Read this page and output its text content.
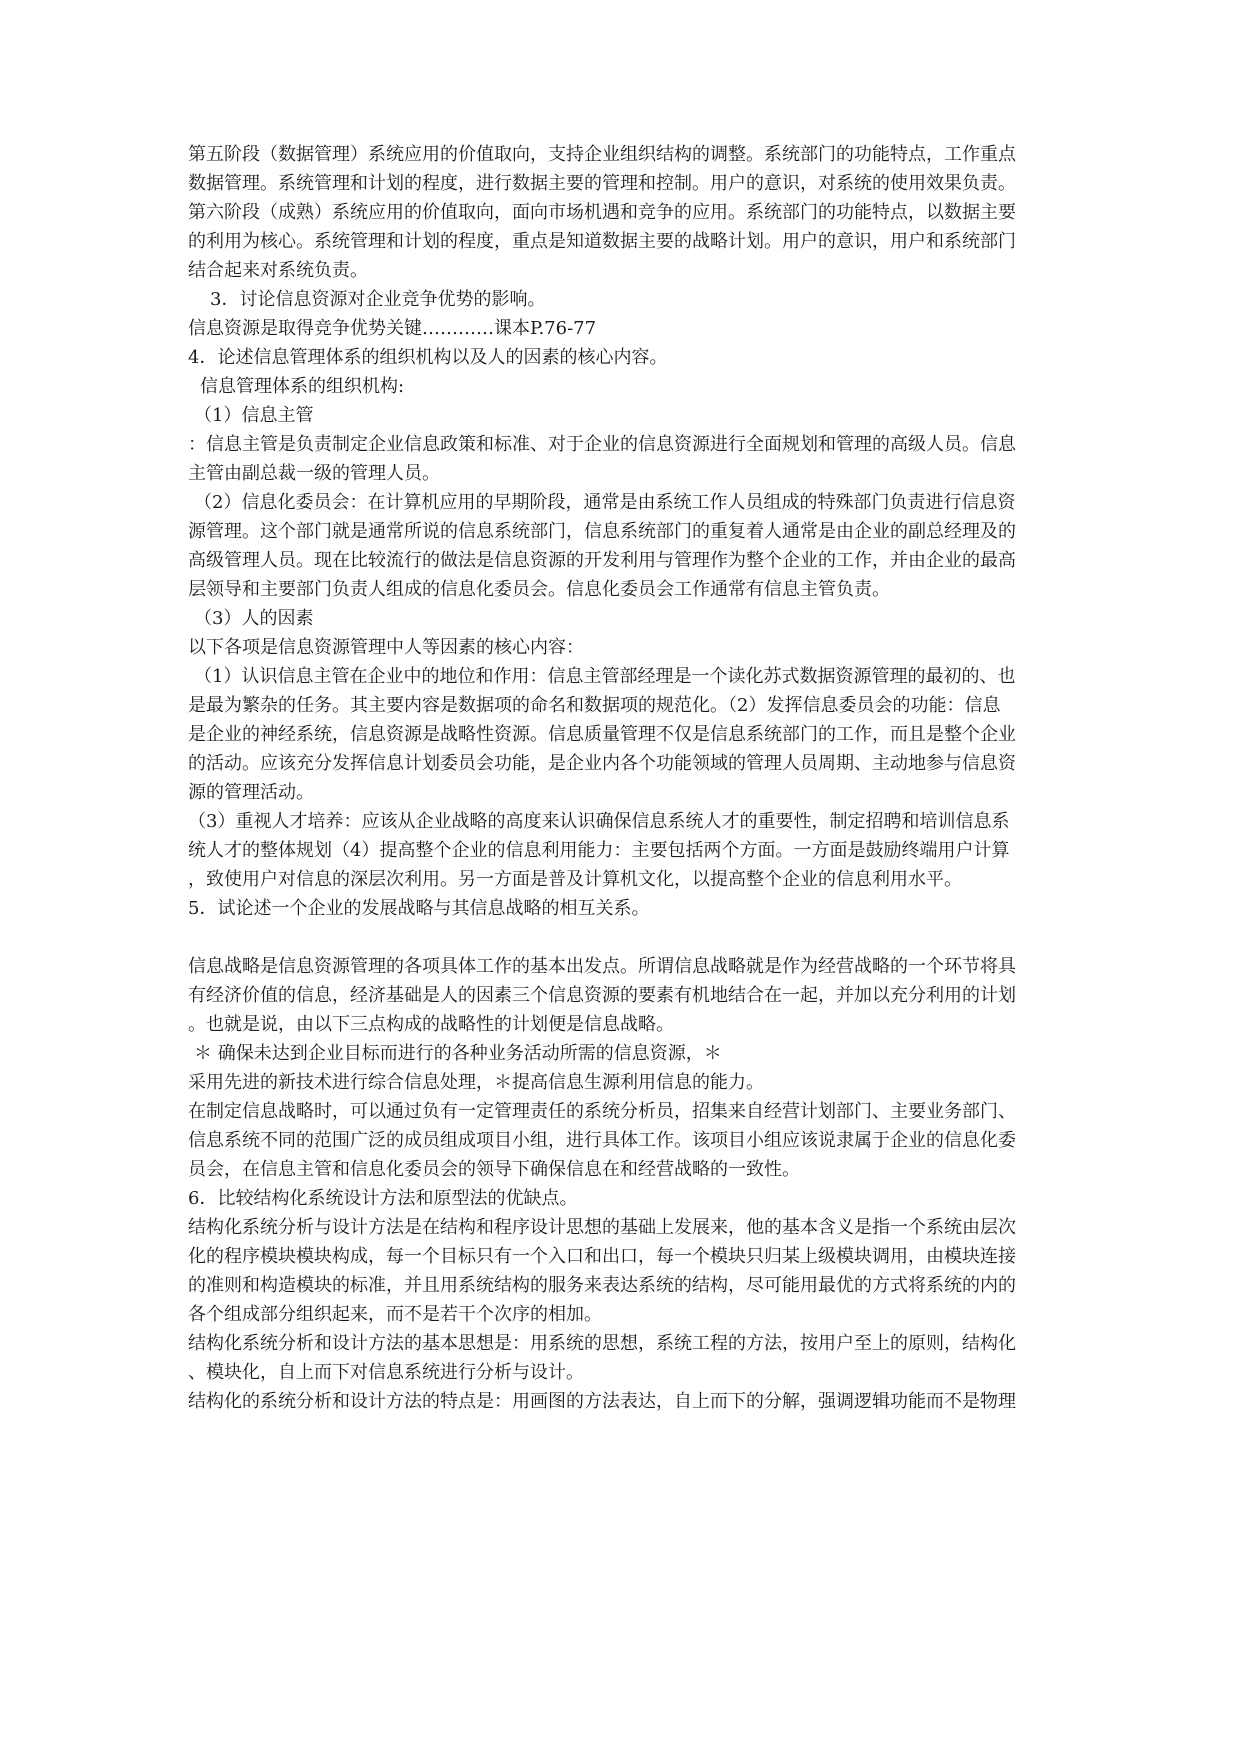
第五阶段（数据管理）系统应用的价值取向，支持企业组织结构的调整。系统部门的功能特点，工作重点
数据管理。系统管理和计划的程度，进行数据主要的管理和控制。用户的意识，对系统的使用效果负责。
第六阶段（成熟）系统应用的价值取向，面向市场机遇和竞争的应用。系统部门的功能特点，以数据主要
的利用为核心。系统管理和计划的程度，重点是知道数据主要的战略计划。用户的意识，用户和系统部门
结合起来对系统负责。
3．讨论信息资源对企业竞争优势的影响。
信息资源是取得竞争优势关键…………课本P.76-77
4．论述信息管理体系的组织机构以及人的因素的核心内容。
信息管理体系的组织机构:
（1）信息主管
：信息主管是负责制定企业信息政策和标准、对于企业的信息资源进行全面规划和管理的高级人员。信息
主管由副总裁一级的管理人员。
（2）信息化委员会：在计算机应用的早期阶段，通常是由系统工作人员组成的特殊部门负责进行信息资
源管理。这个部门就是通常所说的信息系统部门，信息系统部门的重复着人通常是由企业的副总经理及的
高级管理人员。现在比较流行的做法是信息资源的开发利用与管理作为整个企业的工作，并由企业的最高
层领导和主要部门负责人组成的信息化委员会。信息化委员会工作通常有信息主管负责。
（3）人的因素
以下各项是信息资源管理中人等因素的核心内容：
（1）认识信息主管在企业中的地位和作用：信息主管部经理是一个读化苏式数据资源管理的最初的、也
是最为繁杂的任务。其主要内容是数据项的命名和数据项的规范化。（2）发挥信息委员会的功能：信息
是企业的神经系统，信息资源是战略性资源。信息质量管理不仅是信息系统部门的工作，而且是整个企业
的活动。应该充分发挥信息计划委员会功能，是企业内各个功能领域的管理人员周期、主动地参与信息资
源的管理活动。
（3）重视人才培养：应该从企业战略的高度来认识确保信息系统人才的重要性，制定招聘和培训信息系
统人才的整体规划（4）提高整个企业的信息利用能力：主要包括两个方面。一方面是鼓励终端用户计算
，致使用户对信息的深层次利用。另一方面是普及计算机文化，以提高整个企业的信息利用水平。
5．试论述一个企业的发展战略与其信息战略的相互关系。
信息战略是信息资源管理的各项具体工作的基本出发点。所谓信息战略就是作为经营战略的一个环节将具
有经济价值的信息，经济基础是人的因素三个信息资源的要素有机地结合在一起，并加以充分利用的计划
。也就是说，由以下三点构成的战略性的计划便是信息战略。
＊ 确保未达到企业目标而进行的各种业务活动所需的信息资源，＊
采用先进的新技术进行综合信息处理，＊提高信息生源利用信息的能力。
在制定信息战略时，可以通过负有一定管理责任的系统分析员，招集来自经营计划部门、主要业务部门、
信息系统不同的范围广泛的成员组成项目小组，进行具体工作。该项目小组应该说隶属于企业的信息化委
员会，在信息主管和信息化委员会的领导下确保信息在和经营战略的一致性。
6．比较结构化系统设计方法和原型法的优缺点。
结构化系统分析与设计方法是在结构和程序设计思想的基础上发展来，他的基本含义是指一个系统由层次
化的程序模块模块构成，每一个目标只有一个入口和出口，每一个模块只归某上级模块调用，由模块连接
的准则和构造模块的标准，并且用系统结构的服务来表达系统的结构，尽可能用最优的方式将系统的内的
各个组成部分组织起来，而不是若干个次序的相加。
结构化系统分析和设计方法的基本思想是：用系统的思想，系统工程的方法，按用户至上的原则，结构化
、模块化，自上而下对信息系统进行分析与设计。
结构化的系统分析和设计方法的特点是：用画图的方法表达，自上而下的分解，强调逻辑功能而不是物理
